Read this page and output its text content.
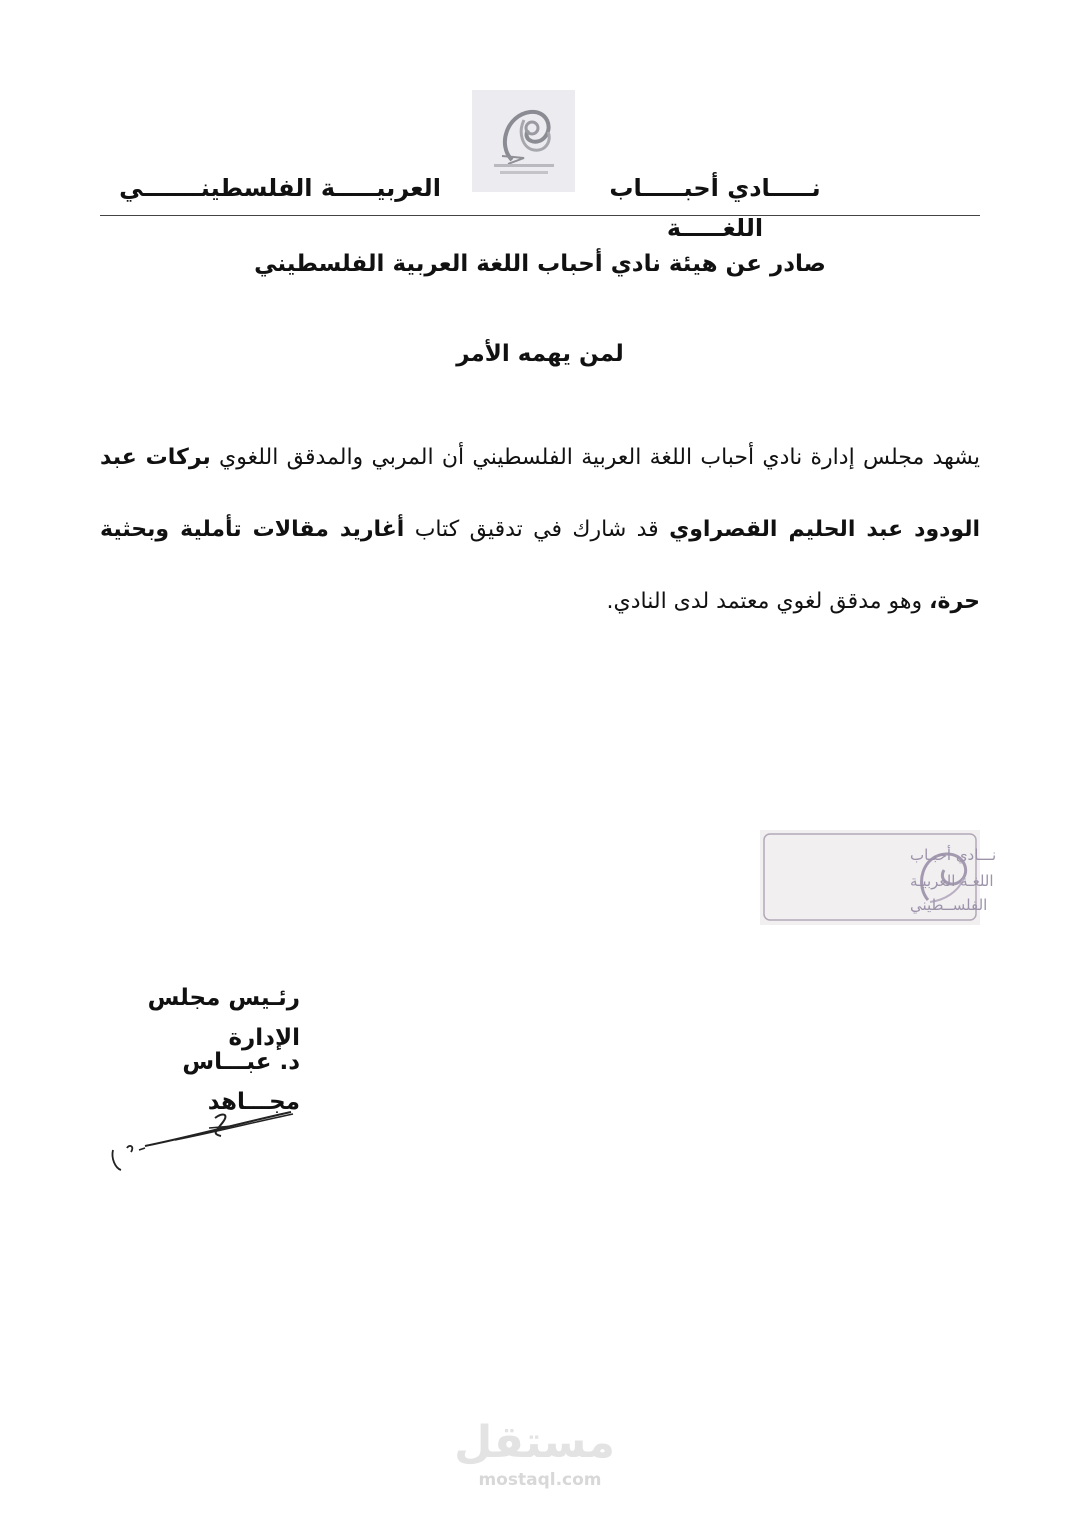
نـــــادي أحبـــــاب اللغـــــة
العربيـــــة الفلسطينـــــــي
صادر عن هيئة نادي أحباب اللغة العربية الفلسطيني
لمن يهمه الأمر
يشهد مجلس إدارة نادي أحباب اللغة العربية الفلسطيني أن المربي والمدقق اللغوي بركات عبد الودود عبد الحليم القصراوي قد شارك في تدقيق كتاب أغاريد مقالات تأملية وبحثية حرة، وهو مدقق لغوي معتمد لدى النادي.
نـــادي أحبـاب
اللغـة العربيـة
الفلســطيني
رئـيس مجلس الإدارة
د. عبـــاس مجـــاهد
مستقل
mostaql.com
